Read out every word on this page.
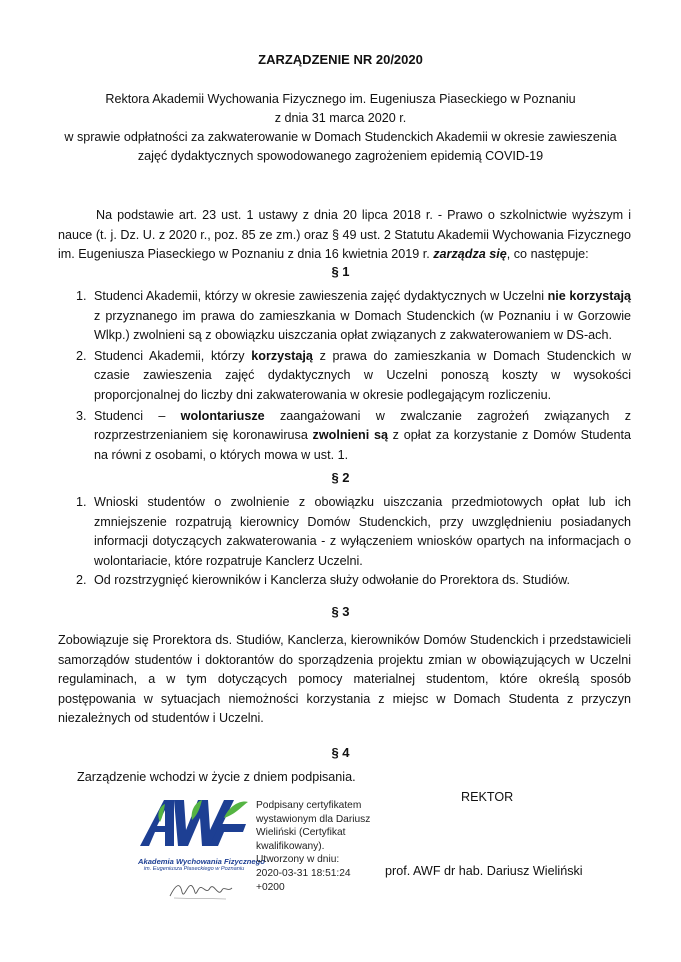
ZARZĄDZENIE NR 20/2020
Rektora Akademii Wychowania Fizycznego im. Eugeniusza Piaseckiego w Poznaniu
z dnia 31 marca 2020 r.
w sprawie odpłatności za zakwaterowanie w Domach Studenckich Akademii w okresie zawieszenia
zajęć dydaktycznych spowodowanego zagrożeniem epidemią COVID-19
Na podstawie art. 23 ust. 1 ustawy z dnia 20 lipca 2018 r. - Prawo o szkolnictwie wyższym i nauce (t. j. Dz. U. z 2020 r., poz. 85 ze zm.) oraz § 49 ust. 2 Statutu Akademii Wychowania Fizycznego im. Eugeniusza Piaseckiego w Poznaniu z dnia 16 kwietnia 2019 r. zarządza się, co następuje:
§ 1
1. Studenci Akademii, którzy w okresie zawieszenia zajęć dydaktycznych w Uczelni nie korzystają z przyznanego im prawa do zamieszkania w Domach Studenckich (w Poznaniu i w Gorzowie Wlkp.) zwolnieni są z obowiązku uiszczania opłat związanych z zakwaterowaniem w DS-ach.
2. Studenci Akademii, którzy korzystają z prawa do zamieszkania w Domach Studenckich w czasie zawieszenia zajęć dydaktycznych w Uczelni ponoszą koszty w wysokości proporcjonalnej do liczby dni zakwaterowania w okresie podlegającym rozliczeniu.
3. Studenci – wolontariusze zaangażowani w zwalczanie zagrożeń związanych z rozprzestrzenianiem się koronawirusa zwolnieni są z opłat za korzystanie z Domów Studenta na równi z osobami, o których mowa w ust. 1.
§ 2
1. Wnioski studentów o zwolnienie z obowiązku uiszczania przedmiotowych opłat lub ich zmniejszenie rozpatrują kierownicy Domów Studenckich, przy uwzględnieniu posiadanych informacji dotyczących zakwaterowania - z wyłączeniem wniosków opartych na informacjach o wolontariacie, które rozpatruje Kanclerz Uczelni.
2. Od rozstrzygnięć kierowników i Kanclerza służy odwołanie do Prorektora ds. Studiów.
§ 3
Zobowiązuje się Prorektora ds. Studiów, Kanclerza, kierowników Domów Studenckich i przedstawicieli samorządów studentów i doktorantów do sporządzenia projektu zmian w obowiązujących w Uczelni regulaminach, a w tym dotyczących pomocy materialnej studentom, które określą sposób postępowania w sytuacjach niemożności korzystania z miejsc w Domach Studenta z przyczyn niezależnych od studentów i Uczelni.
§ 4
Zarządzenie wchodzi w życie z dniem podpisania.
REKTOR
Akademia Wychowania Fizycznego
im. Eugeniusza Piaseckiego w Poznaniu
Podpisany certyfikatem
wystawionym dla Dariusz
Wieliński (Certyfikat
kwalifikowany).
Utworzony w dniu:
2020-03-31 18:51:24
+0200
prof. AWF dr hab. Dariusz Wieliński
